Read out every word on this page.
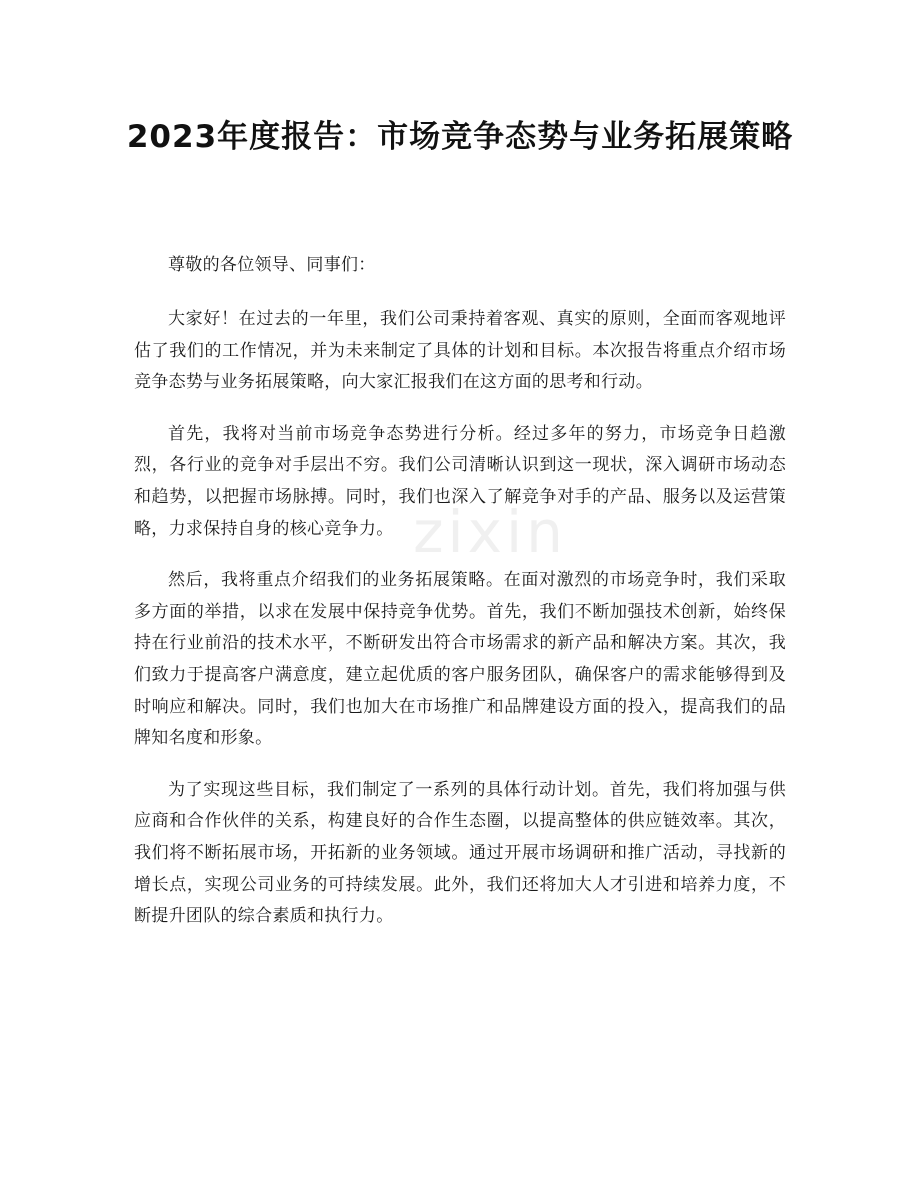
2023年度报告：市场竞争态势与业务拓展策略
zixin

尊敬的各位领导、同事们：

大家好！在过去的一年里，我们公司秉持着客观、真实的原则，全面而客观地评估了我们的工作情况，并为未来制定了具体的计划和目标。本次报告将重点介绍市场竞争态势与业务拓展策略，向大家汇报我们在这方面的思考和行动。

首先，我将对当前市场竞争态势进行分析。经过多年的努力，市场竞争日趋激烈，各行业的竞争对手层出不穷。我们公司清晰认识到这一现状，深入调研市场动态和趋势，以把握市场脉搏。同时，我们也深入了解竞争对手的产品、服务以及运营策略，力求保持自身的核心竞争力。

然后，我将重点介绍我们的业务拓展策略。在面对激烈的市场竞争时，我们采取多方面的举措，以求在发展中保持竞争优势。首先，我们不断加强技术创新，始终保持在行业前沿的技术水平，不断研发出符合市场需求的新产品和解决方案。其次，我们致力于提高客户满意度，建立起优质的客户服务团队，确保客户的需求能够得到及时响应和解决。同时，我们也加大在市场推广和品牌建设方面的投入，提高我们的品牌知名度和形象。

为了实现这些目标，我们制定了一系列的具体行动计划。首先，我们将加强与供应商和合作伙伴的关系，构建良好的合作生态圈，以提高整体的供应链效率。其次，我们将不断拓展市场，开拓新的业务领域。通过开展市场调研和推广活动，寻找新的增长点，实现公司业务的可持续发展。此外，我们还将加大人才引进和培养力度，不断提升团队的综合素质和执行力。
